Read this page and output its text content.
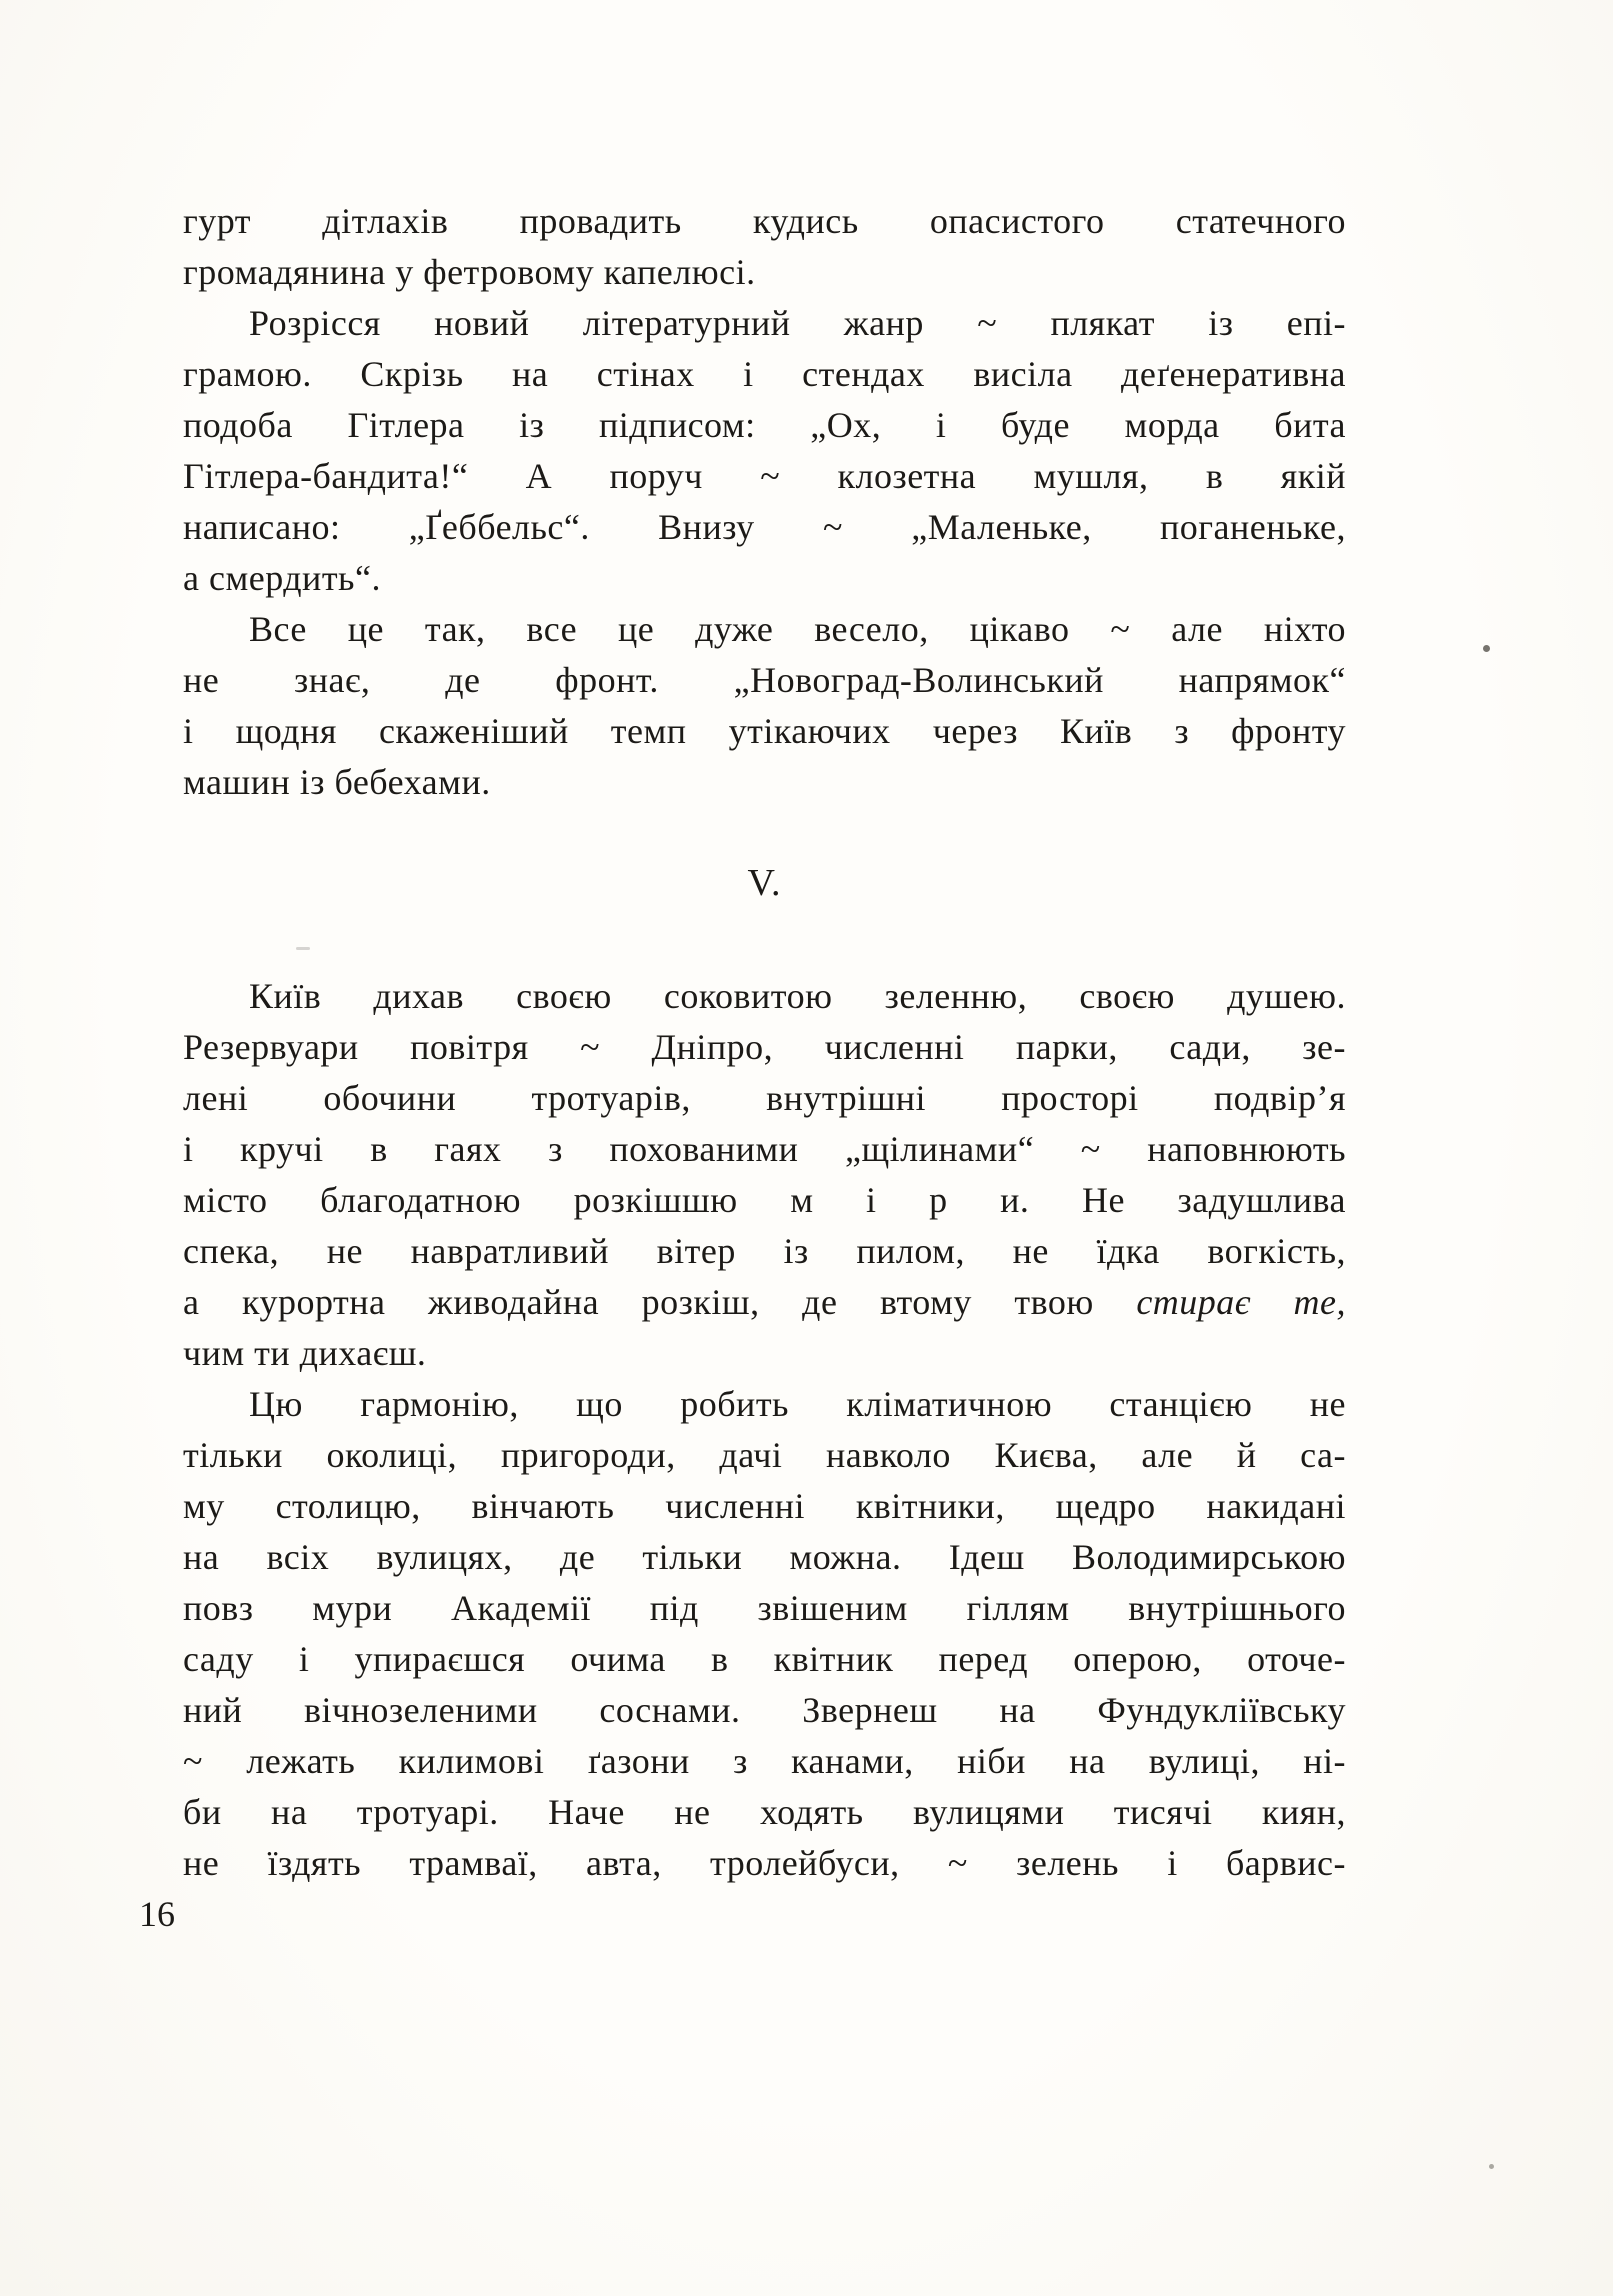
гурт дітлахів провадить кудись опасистого статечного
громадянина у фетровому капелюсі.
Розрісся новий літературний жанр ~ плякат із епі-
грамою. Скрізь на стінах і стендах висіла деґенеративна
подоба Гітлера із підписом: „Ох, і буде морда бита
Гітлера-бандита!“ А поруч ~ клозетна мушля, в якій
написано: „Ґеббельс“. Внизу ~ „Маленьке, поганеньке,
а смердить“.
Все це так, все це дуже весело, цікаво ~ але ніхто
не знає, де фронт. „Новоград-Волинський напрямок“
і щодня скаженіший темп утікаючих через Київ з фронту
машин із бебехами.
V.
Київ дихав своєю соковитою зеленню, своєю душею.
Резервуари повітря ~ Дніпро, численні парки, сади, зе-
лені обочини тротуарів, внутрішні просторі подвір’я
і кручі в гаях з похованими „щілинами“ ~ наповнюють
місто благодатною розкішшю м і р и. Не задушлива
спека, не навратливий вітер із пилом, не їдка вогкість,
а курортна живодайна розкіш, де втому твою стирає те,
чим ти дихаєш.
Цю гармонію, що робить кліматичною станцією не
тільки околиці, пригороди, дачі навколо Києва, але й са-
му столицю, вінчають численні квітники, щедро накидані
на всіх вулицях, де тільки можна. Ідеш Володимирською
повз мури Академії під звішеним гіллям внутрішнього
саду і упираєшся очима в квітник перед оперою, оточе-
ний вічнозеленими соснами. Звернеш на Фундукліївську
~ лежать килимові ґазони з канами, ніби на вулиці, ні-
би на тротуарі. Наче не ходять вулицями тисячі киян,
не їздять трамваї, авта, тролейбуси, ~ зелень і барвис-
16
